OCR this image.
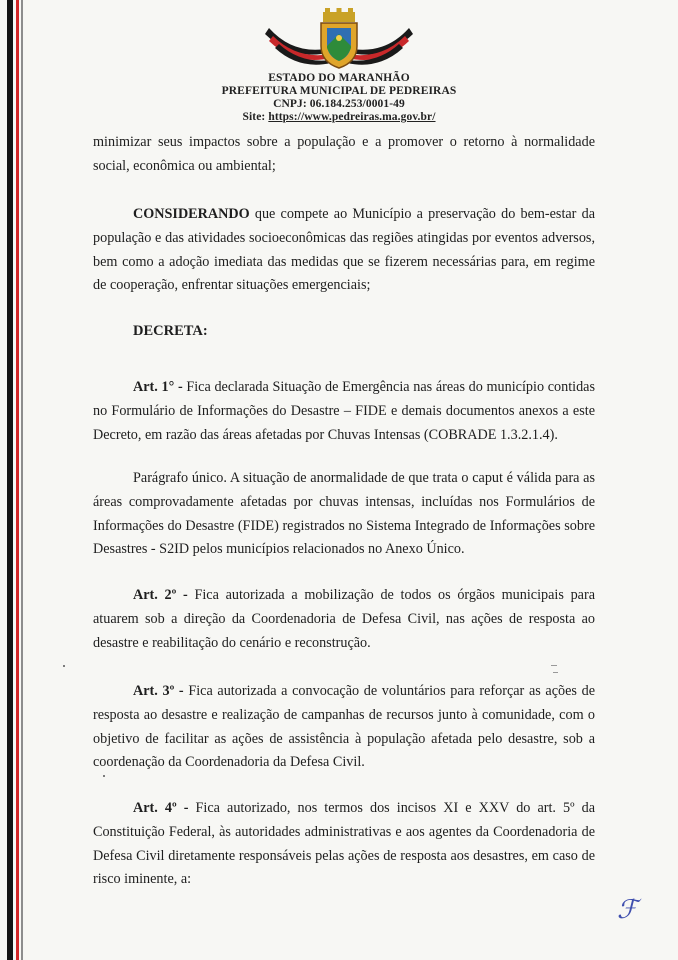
ESTADO DO MARANHÃO
PREFEITURA MUNICIPAL DE PEDREIRAS
CNPJ: 06.184.253/0001-49
Site: https://www.pedreiras.ma.gov.br/

minimizar seus impactos sobre a população e a promover o retorno à normalidade social, econômica ou ambiental;

CONSIDERANDO que compete ao Município a preservação do bem-estar da população e das atividades socioeconômicas das regiões atingidas por eventos adversos, bem como a adoção imediata das medidas que se fizerem necessárias para, em regime de cooperação, enfrentar situações emergenciais;

DECRETA:

Art. 1° - Fica declarada Situação de Emergência nas áreas do município contidas no Formulário de Informações do Desastre – FIDE e demais documentos anexos a este Decreto, em razão das áreas afetadas por Chuvas Intensas (COBRADE 1.3.2.1.4).

Parágrafo único. A situação de anormalidade de que trata o caput é válida para as áreas comprovadamente afetadas por chuvas intensas, incluídas nos Formulários de Informações do Desastre (FIDE) registrados no Sistema Integrado de Informações sobre Desastres - S2ID pelos municípios relacionados no Anexo Único.

Art. 2º - Fica autorizada a mobilização de todos os órgãos municipais para atuarem sob a direção da Coordenadoria de Defesa Civil, nas ações de resposta ao desastre e reabilitação do cenário e reconstrução.

Art. 3º - Fica autorizada a convocação de voluntários para reforçar as ações de resposta ao desastre e realização de campanhas de recursos junto à comunidade, com o objetivo de facilitar as ações de assistência à população afetada pelo desastre, sob a coordenação da Coordenadoria da Defesa Civil.

Art. 4º - Fica autorizado, nos termos dos incisos XI e XXV do art. 5º da Constituição Federal, às autoridades administrativas e aos agentes da Coordenadoria de Defesa Civil diretamente responsáveis pelas ações de resposta aos desastres, em caso de risco iminente, a:

ℱ
